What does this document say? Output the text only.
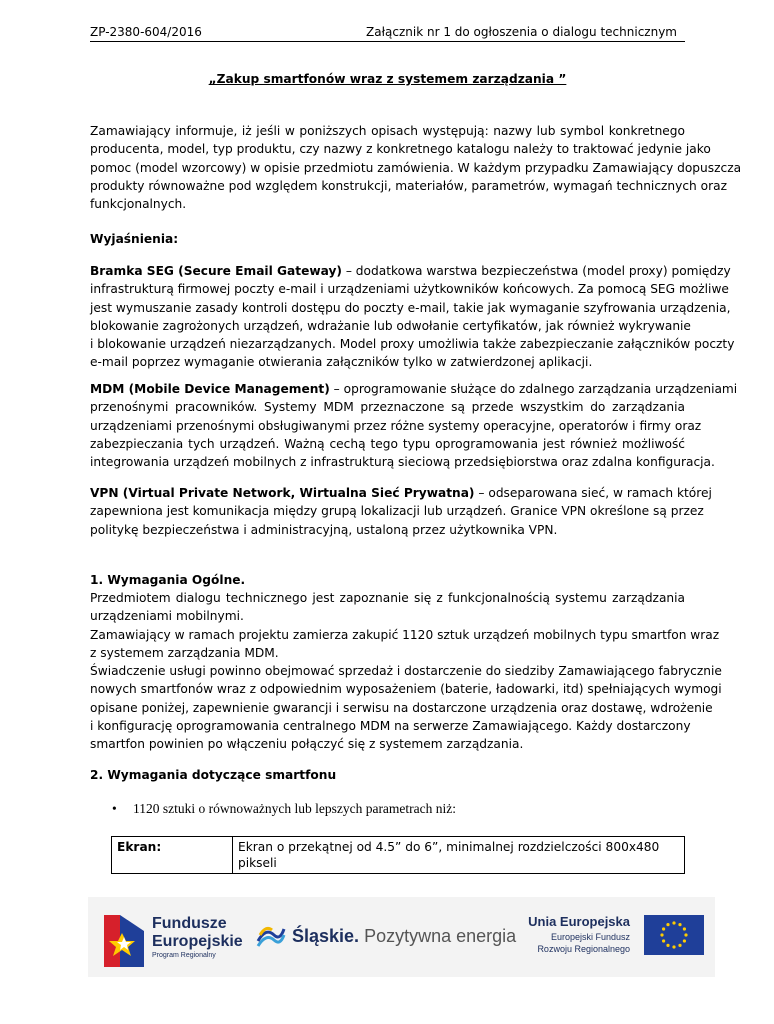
ZP-2380-604/2016	Załącznik nr 1 do ogłoszenia o dialogu technicznym
„Zakup smartfonów wraz z systemem zarządzania ”
Zamawiający informuje, iż jeśli w poniższych opisach występują: nazwy lub symbol konkretnego
producenta, model, typ produktu, czy nazwy z konkretnego katalogu należy to traktować jedynie jako
pomoc (model wzorcowy) w opisie przedmiotu zamówienia. W każdym przypadku Zamawiający dopuszcza
produkty równoważne pod względem konstrukcji, materiałów, parametrów, wymagań technicznych oraz
funkcjonalnych.
Wyjaśnienia:
Bramka SEG (Secure Email Gateway) – dodatkowa warstwa bezpieczeństwa (model proxy) pomiędzy
infrastrukturą firmowej poczty e-mail i urządzeniami użytkowników końcowych. Za pomocą SEG możliwe
jest wymuszanie zasady kontroli dostępu do poczty e-mail, takie jak wymaganie szyfrowania urządzenia,
blokowanie zagrożonych urządzeń, wdrażanie lub odwołanie certyfikatów, jak również wykrywanie
i blokowanie urządzeń niezarządzanych. Model proxy umożliwia także zabezpieczanie załączników poczty
e-mail poprzez wymaganie otwierania załączników tylko w zatwierdzonej aplikacji.
MDM (Mobile Device Management) – oprogramowanie służące do zdalnego zarządzania urządzeniami
przenośnymi pracowników. Systemy MDM przeznaczone są przede wszystkim do zarządzania
urządzeniami przenośnymi obsługiwanymi przez różne systemy operacyjne, operatorów i firmy oraz
zabezpieczania tych urządzeń. Ważną cechą tego typu oprogramowania jest również możliwość
integrowania urządzeń mobilnych z infrastrukturą sieciową przedsiębiorstwa oraz zdalna konfiguracja.
VPN (Virtual Private Network, Wirtualna Sieć Prywatna) – odseparowana sieć, w ramach której
zapewniona jest komunikacja między grupą lokalizacji lub urządzeń. Granice VPN określone są przez
politykę bezpieczeństwa i administracyjną, ustaloną przez użytkownika VPN.
1. Wymagania Ogólne.
Przedmiotem dialogu technicznego jest zapoznanie się z funkcjonalnością systemu zarządzania
urządzeniami mobilnymi.
Zamawiający w ramach projektu zamierza zakupić 1120 sztuk urządzeń mobilnych typu smartfon wraz
z systemem zarządzania MDM.
Świadczenie usługi powinno obejmować sprzedaż i dostarczenie do siedziby Zamawiającego fabrycznie
nowych smartfonów wraz z odpowiednim wyposażeniem (baterie, ładowarki, itd) spełniających wymogi
opisane poniżej, zapewnienie gwarancji i serwisu na dostarczone urządzenia oraz dostawę, wdrożenie
i konfigurację oprogramowania centralnego MDM na serwerze Zamawiającego. Każdy dostarczony
smartfon powinien po włączeniu połączyć się z systemem zarządzania.
2. Wymagania dotyczące smartfonu
• 1120 sztuki o równoważnych lub lepszych parametrach niż:
Ekran:	Ekran o przekątnej od 4.5” do 6”, minimalnej rozdzielczości 800x480 pikseli
Fundusze
Europejskie
Program Regionalny
Śląskie. Pozytywna energia
Unia Europejska
Europejski Fundusz
Rozwoju Regionalnego
